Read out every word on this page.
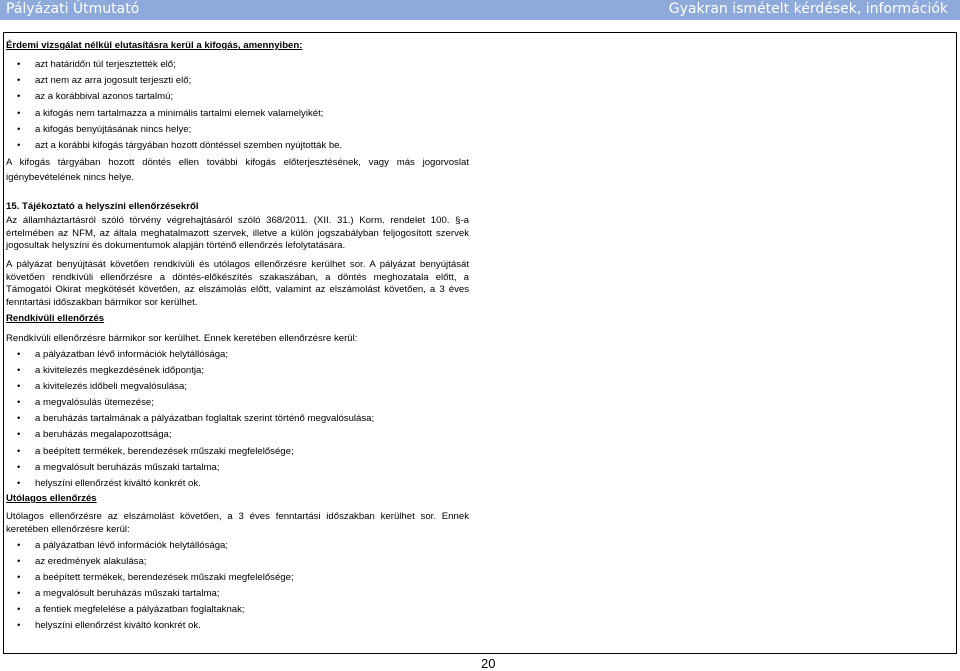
Pályázati Útmutató	Gyakran ismételt kérdések, információk
Érdemi vizsgálat nélkül elutasításra kerül a kifogás, amennyiben:
• azt határidőn túl terjesztették elő;
• azt nem az arra jogosult terjeszti elő;
• az a korábbival azonos tartalmú;
• a kifogás nem tartalmazza a minimális tartalmi elemek valamelyikét;
• a kifogás benyújtásának nincs helye;
• azt a korábbi kifogás tárgyában hozott döntéssel szemben nyújtották be.
A kifogás tárgyában hozott döntés ellen további kifogás előterjesztésének, vagy más jogorvoslat igénybevételének nincs helye.
15. Tájékoztató a helyszíni ellenőrzésekről
Az államháztartásról szóló törvény végrehajtásáról szóló 368/2011. (XII. 31.) Korm. rendelet 100. §-a értelmében az NFM, az általa meghatalmazott szervek, illetve a külön jogszabályban feljogosított szervek jogosultak helyszíni és dokumentumok alapján történő ellenőrzés lefolytatására.
A pályázat benyújtását követően rendkívüli és utólagos ellenőrzésre kerülhet sor. A pályázat benyújtását követően rendkívüli ellenőrzésre a döntés-előkészítés szakaszában, a döntés meghozatala előtt, a Támogatói Okirat megkötését követően, az elszámolás előtt, valamint az elszámolást követően, a 3 éves fenntartási időszakban bármikor sor kerülhet.
Rendkívüli ellenőrzés
Rendkívüli ellenőrzésre bármikor sor kerülhet. Ennek keretében ellenőrzésre kerül:
• a pályázatban lévő információk helytállósága;
• a kivitelezés megkezdésének időpontja;
• a kivitelezés időbeli megvalósulása;
• a megvalósulás ütemezése;
• a beruházás tartalmának a pályázatban foglaltak szerint történő megvalósulása;
• a beruházás megalapozottsága;
• a beépített termékek, berendezések műszaki megfelelősége;
• a megvalósult beruházás műszaki tartalma;
• helyszíni ellenőrzést kiváltó konkrét ok.
Utólagos ellenőrzés
Utólagos ellenőrzésre az elszámolást követően, a 3 éves fenntartási időszakban kerülhet sor. Ennek keretében ellenőrzésre kerül:
• a pályázatban lévő információk helytállósága;
• az eredmények alakulása;
• a beépített termékek, berendezések műszaki megfelelősége;
• a megvalósult beruházás műszaki tartalma;
• a fentiek megfelelése a pályázatban foglaltaknak;
• helyszíni ellenőrzést kiváltó konkrét ok.
20
